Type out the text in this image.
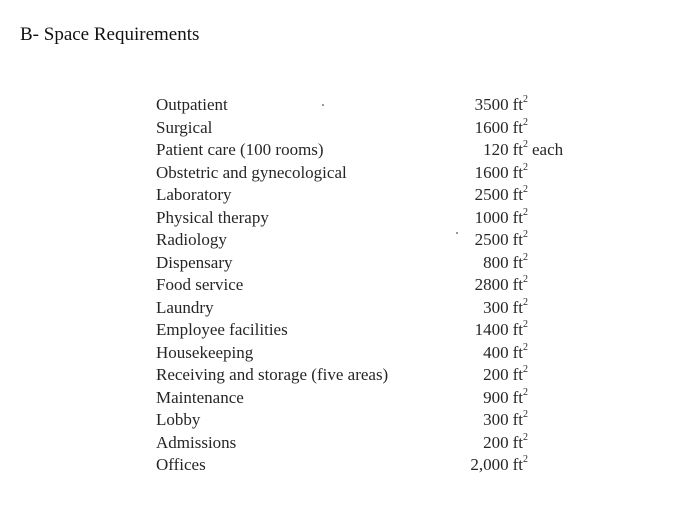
B- Space Requirements
Outpatient	3500 $ft^2$
Surgical	1600 $ft^2$
Patient care (100 rooms)	120 $ft^2$ each
Obstetric and gynecological	1600 $ft^2$
Laboratory	2500 $ft^2$
Physical therapy	1000 $ft^2$
Radiology	2500 $ft^2$
Dispensary	800 $ft^2$
Food service	2800 $ft^2$
Laundry	300 $ft^2$
Employee facilities	1400 $ft^2$
Housekeeping	400 $ft^2$
Receiving and storage (five areas)	200 $ft^2$
Maintenance	900 $ft^2$
Lobby	300 $ft^2$
Admissions	200 $ft^2$
Offices	2,000 $ft^2$
